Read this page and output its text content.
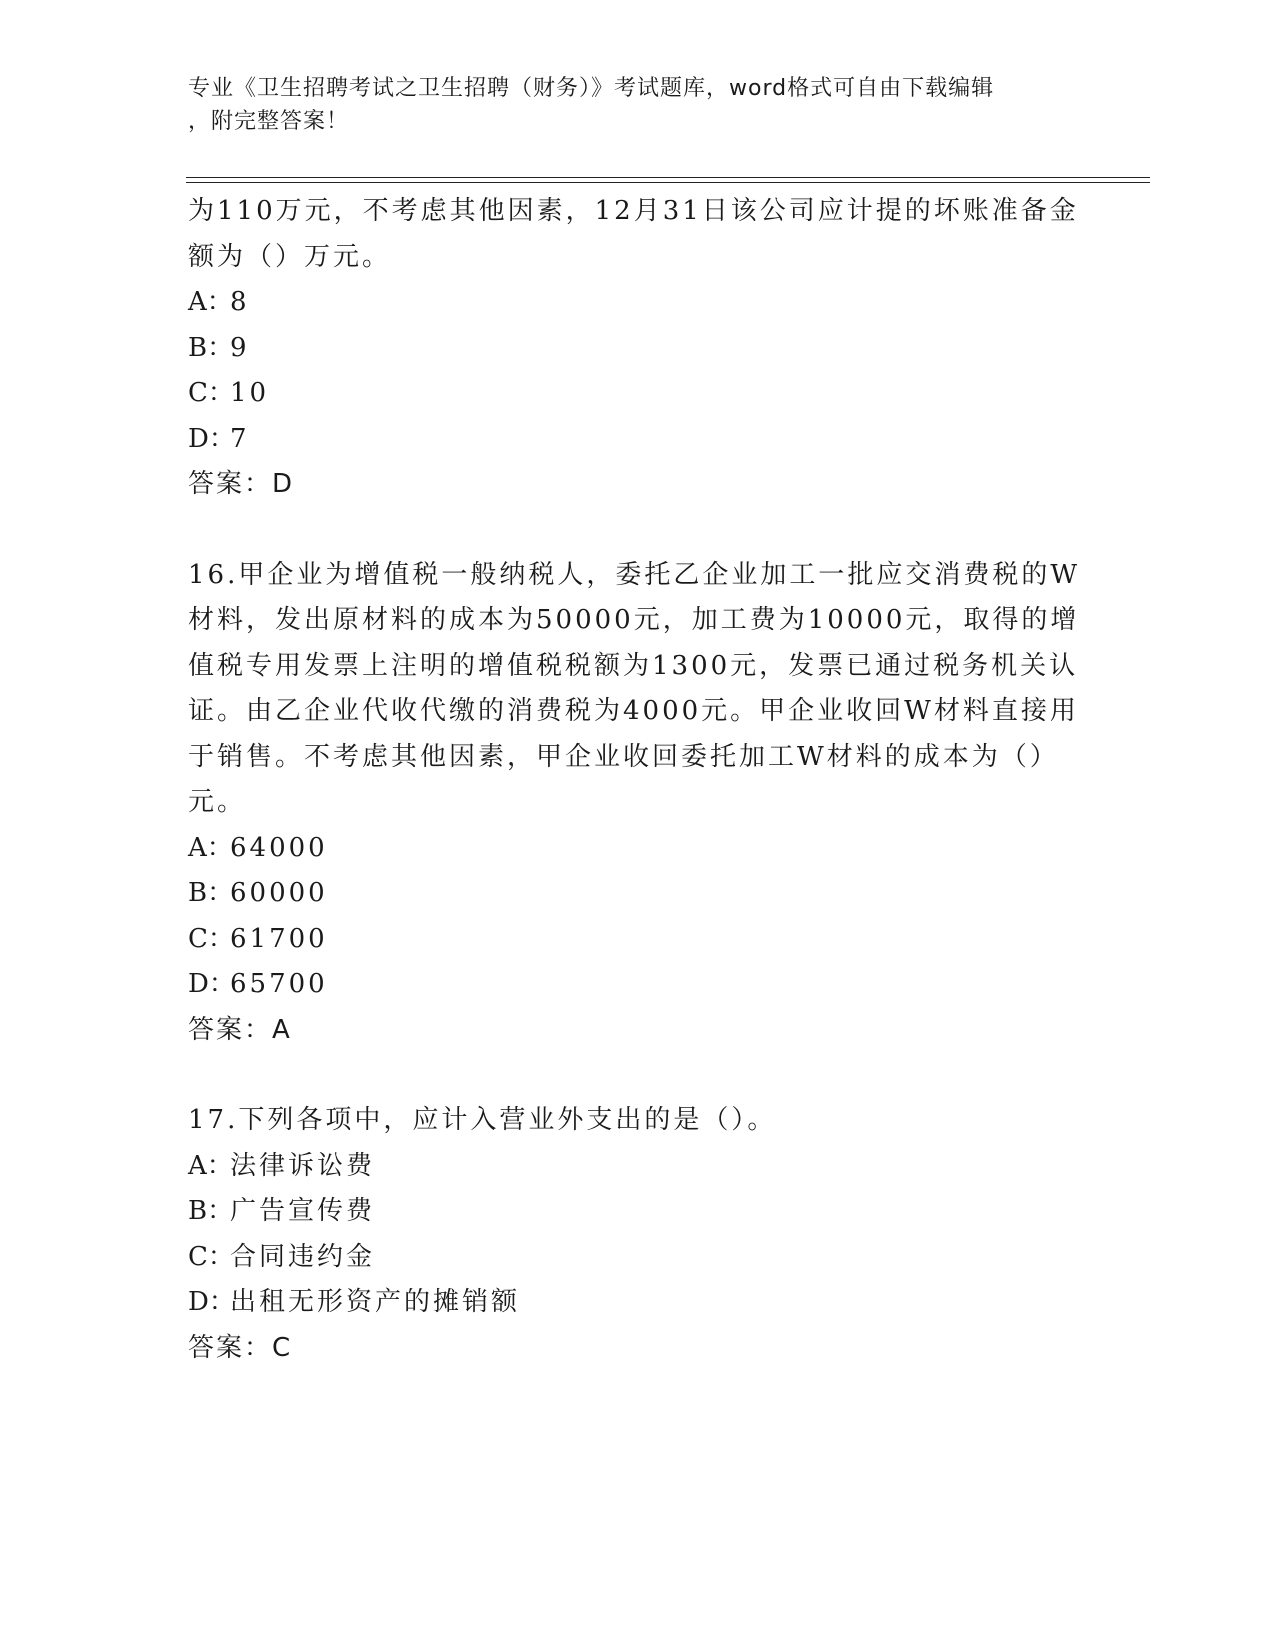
专业《卫生招聘考试之卫生招聘（财务）》考试题库，word格式可自由下载编辑
，附完整答案！

为110万元，不考虑其他因素，12月31日该公司应计提的坏账准备金额为（）万元。

A：8
B：9
C：10
D：7
答案：D

16.甲企业为增值税一般纳税人，委托乙企业加工一批应交消费税的W材料，发出原材料的成本为50000元，加工费为10000元，取得的增值税专用发票上注明的增值税税额为1300元，发票已通过税务机关认证。由乙企业代收代缴的消费税为4000元。甲企业收回W材料直接用于销售。不考虑其他因素，甲企业收回委托加工W材料的成本为（）元。

A：64000
B：60000
C：61700
D：65700
答案：A

17.下列各项中，应计入营业外支出的是（）。

A：法律诉讼费
B：广告宣传费
C：合同违约金
D：出租无形资产的摊销额
答案：C
